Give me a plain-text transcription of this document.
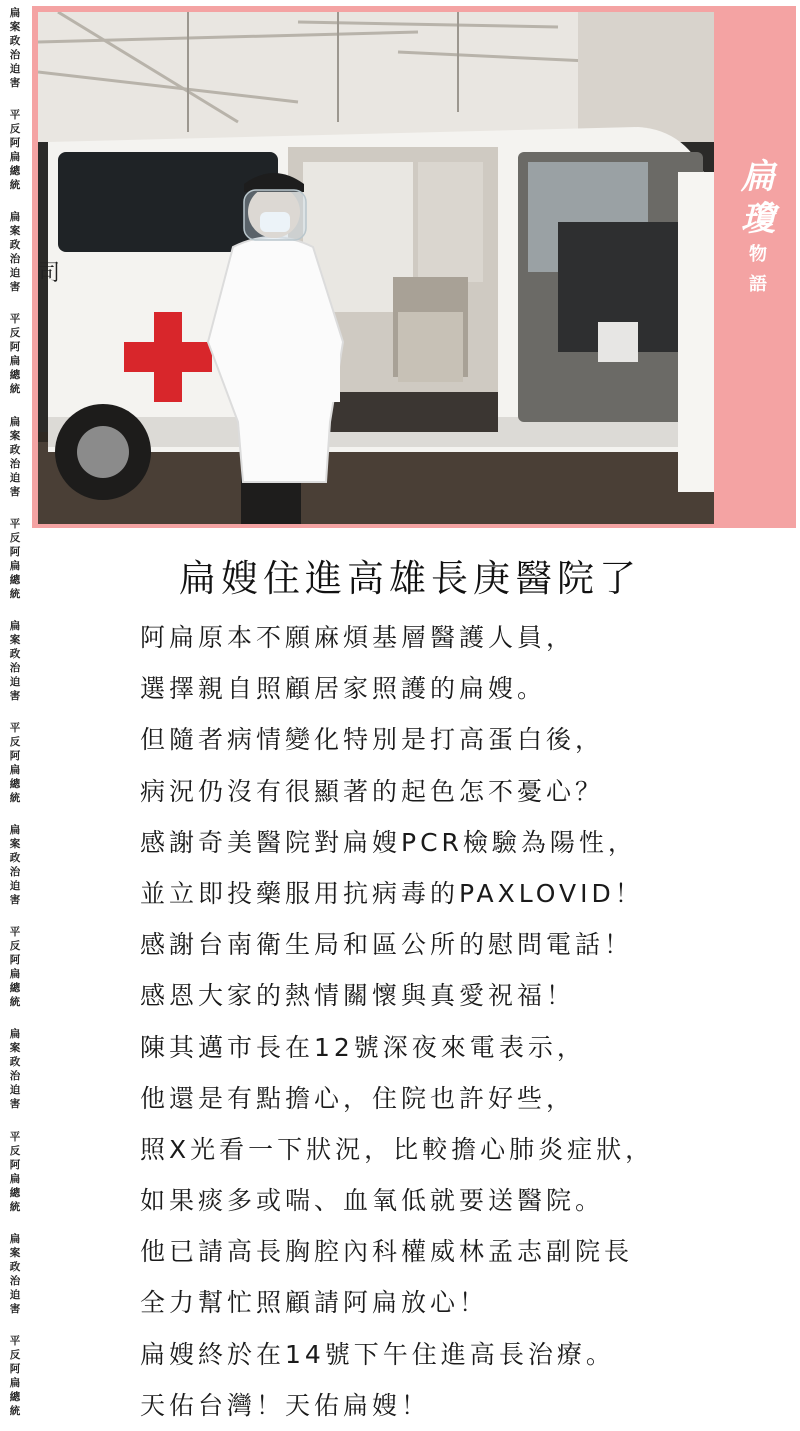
扁
案
政
治
迫
害
平
反
阿
扁
總
統
扁
案
政
治
迫
害
平
反
阿
扁
總
統
扁
案
政
治
迫
害
平
反
阿
扁
總
統
扁
案
政
治
迫
害
平
反
阿
扁
總
統
扁
案
政
治
迫
害
平
反
阿
扁
總
統
扁
案
政
治
迫
害
平
反
阿
扁
總
統
扁
案
政
治
迫
害
平
反
阿
扁
總
統
司
扁
瓊
物
語
扁嫂住進高雄長庚醫院了
阿扁原本不願麻煩基層醫護人員，
選擇親自照顧居家照護的扁嫂。
但隨者病情變化特別是打高蛋白後，
病況仍沒有很顯著的起色怎不憂心？
感謝奇美醫院對扁嫂PCR檢驗為陽性，
並立即投藥服用抗病毒的PAXLOVID！
感謝台南衛生局和區公所的慰問電話！
感恩大家的熱情關懷與真愛祝福！
陳其邁市長在12號深夜來電表示，
他還是有點擔心，住院也許好些，
照X光看一下狀況，比較擔心肺炎症狀，
如果痰多或喘、血氧低就要送醫院。
他已請高長胸腔內科權威林孟志副院長
全力幫忙照顧請阿扁放心！
扁嫂終於在14號下午住進高長治療。
天佑台灣！天佑扁嫂！
